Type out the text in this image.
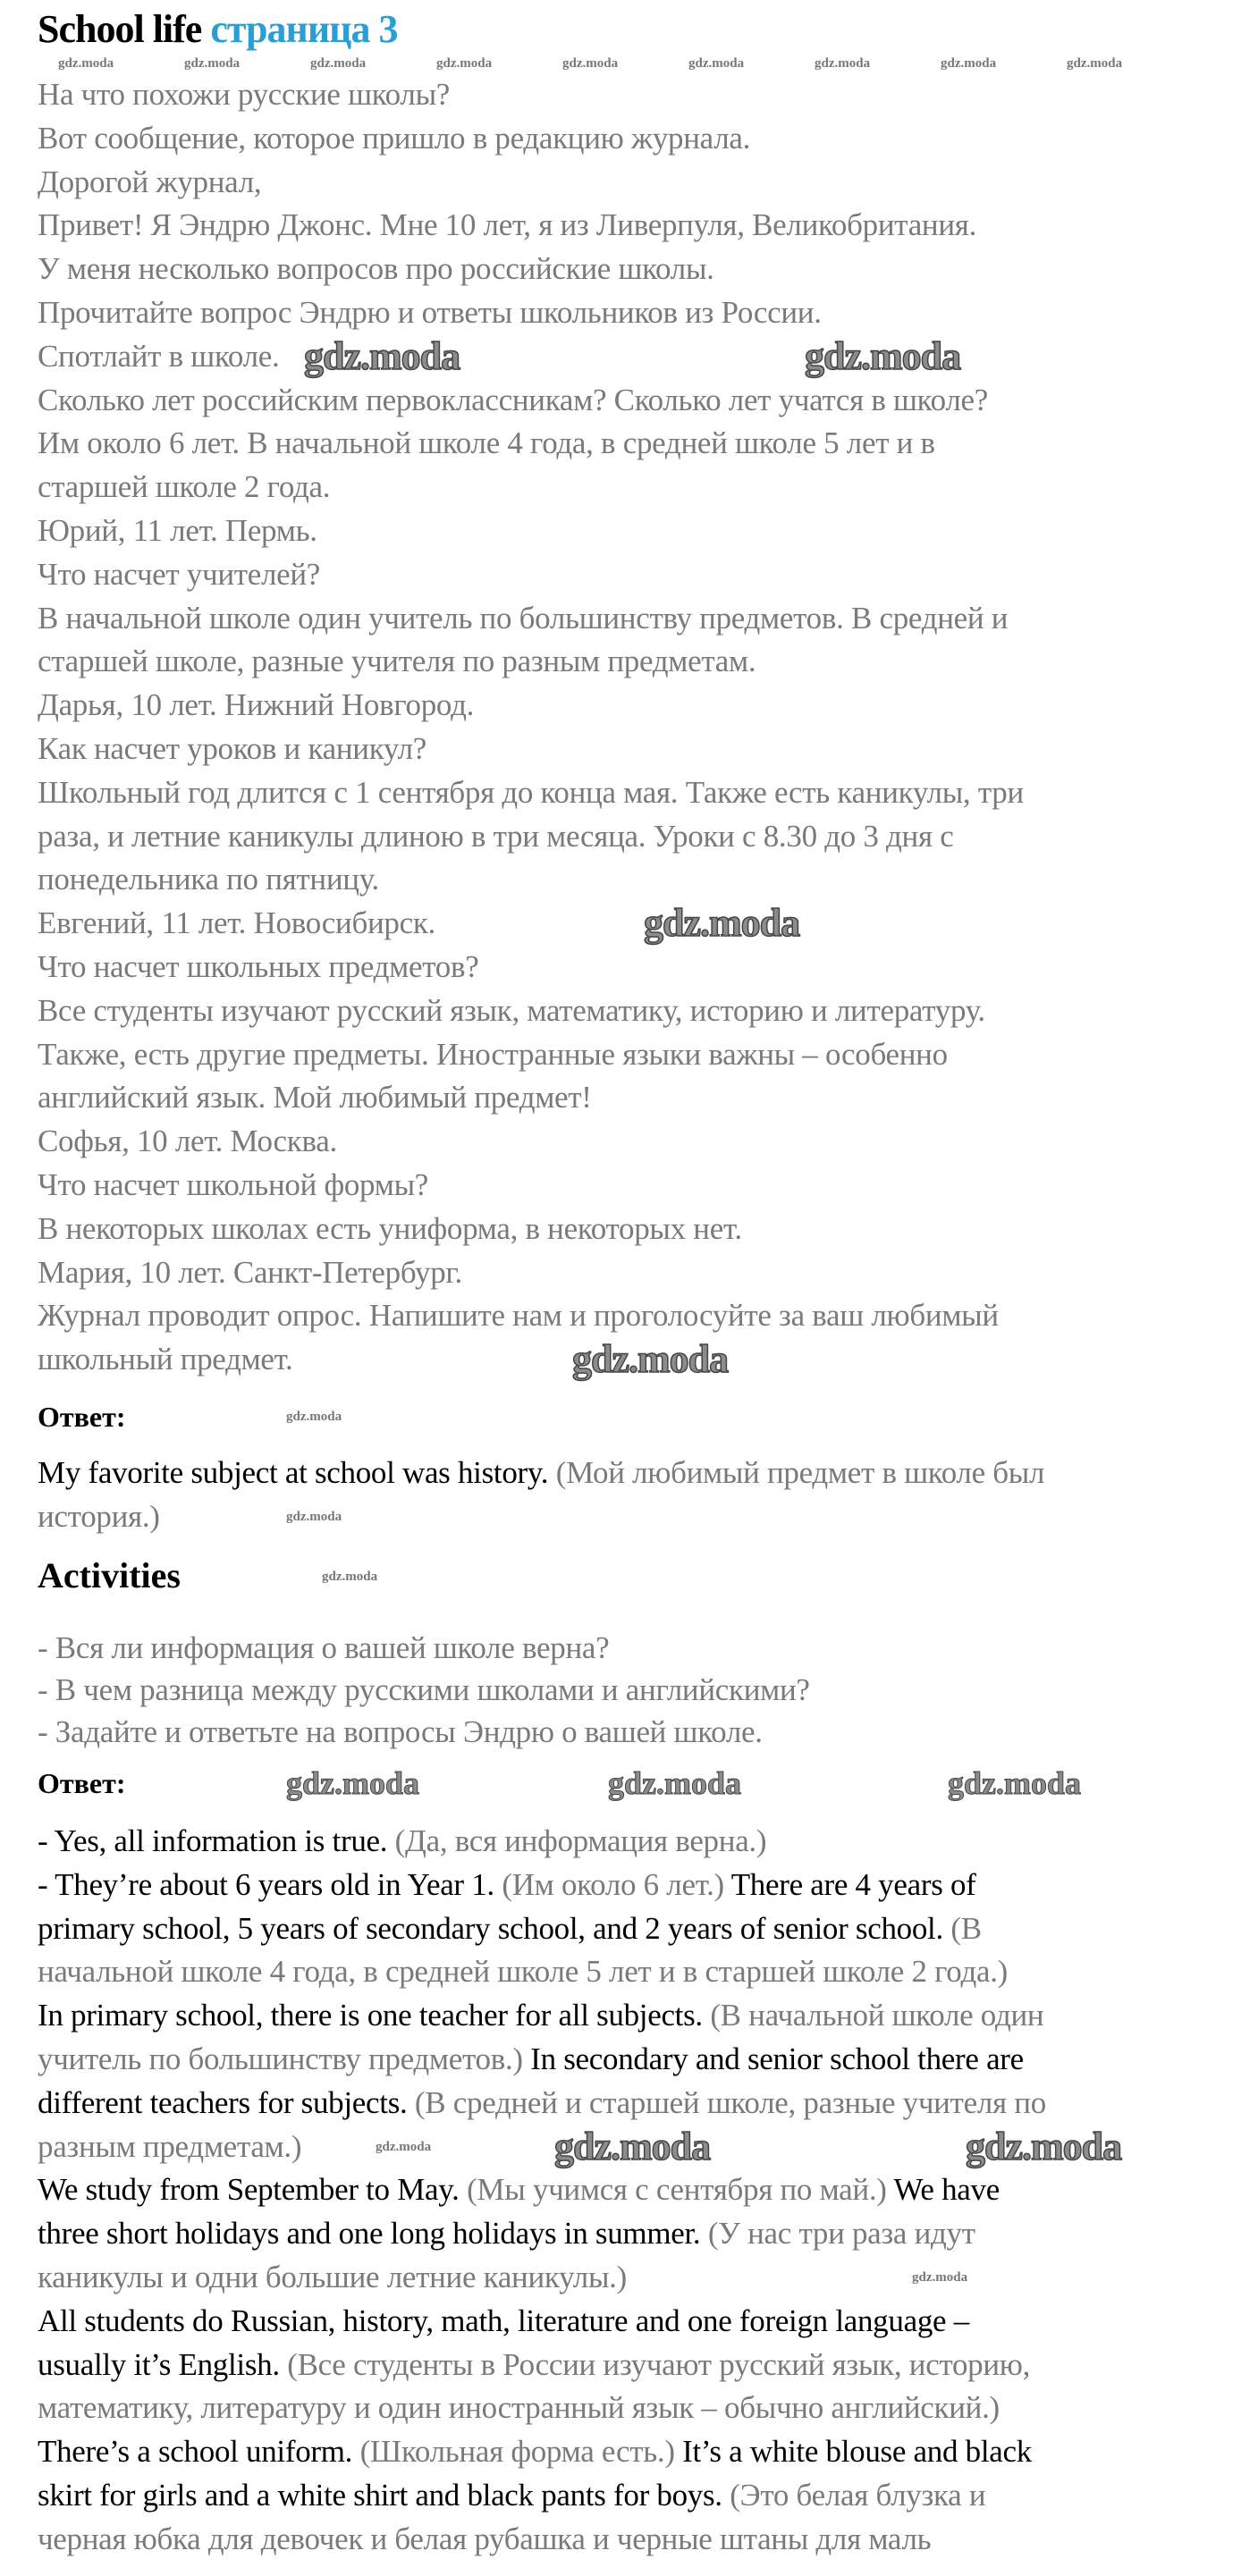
School life страница 3
На что похожи русские школы?
Вот сообщение, которое пришло в редакцию журнала.
Дорогой журнал,
Привет! Я Эндрю Джонс. Мне 10 лет, я из Ливерпуля, Великобритания.
У меня несколько вопросов про российские школы.
Прочитайте вопрос Эндрю и ответы школьников из России.
Спотлайт в школе.
Сколько лет российским первоклассникам? Сколько лет учатся в школе?
Им около 6 лет. В начальной школе 4 года, в средней школе 5 лет и в
старшей школе 2 года.
Юрий, 11 лет. Пермь.
Что насчет учителей?
В начальной школе один учитель по большинству предметов. В средней и
старшей школе, разные учителя по разным предметам.
Дарья, 10 лет. Нижний Новгород.
Как насчет уроков и каникул?
Школьный год длится с 1 сентября до конца мая. Также есть каникулы, три
раза, и летние каникулы длиною в три месяца. Уроки с 8.30 до 3 дня с
понедельника по пятницу.
Евгений, 11 лет. Новосибирск.
Что насчет школьных предметов?
Все студенты изучают русский язык, математику, историю и литературу.
Также, есть другие предметы. Иностранные языки важны – особенно
английский язык. Мой любимый предмет!
Софья, 10 лет. Москва.
Что насчет школьной формы?
В некоторых школах есть униформа, в некоторых нет.
Мария, 10 лет. Санкт-Петербург.
Журнал проводит опрос. Напишите нам и проголосуйте за ваш любимый
школьный предмет.
Ответ:
My favorite subject at school was history. (Мой любимый предмет в школе был
история.)
Activities
- Вся ли информация о вашей школе верна?
- В чем разница между русскими школами и английскими?
- Задайте и ответьте на вопросы Эндрю о вашей школе.
Ответ:
- Yes, all information is true. (Да, вся информация верна.)
- They’re about 6 years old in Year 1. (Им около 6 лет.) There are 4 years of
primary school, 5 years of secondary school, and 2 years of senior school. (В
начальной школе 4 года, в средней школе 5 лет и в старшей школе 2 года.)
In primary school, there is one teacher for all subjects. (В начальной школе один
учитель по большинству предметов.) In secondary and senior school there are
different teachers for subjects. (В средней и старшей школе, разные учителя по
разным предметам.)
We study from September to May. (Мы учимся с сентября по май.) We have
three short holidays and one long holidays in summer. (У нас три раза идут
каникулы и одни большие летние каникулы.)
All students do Russian, history, math, literature and one foreign language –
usually it’s English. (Все студенты в России изучают русский язык, историю,
математику, литературу и один иностранный язык – обычно английский.)
There’s a school uniform. (Школьная форма есть.) It’s a white blouse and black
skirt for girls and a white shirt and black pants for boys. (Это белая блузка и
черная юбка для девочек и белая рубашка и черные штаны для маль
gdz.moda	gdz.moda	gdz.moda	gdz.moda	gdz.moda	gdz.moda	gdz.moda	gdz.moda	gdz.moda
gdz.moda	gdz.moda
gdz.moda
gdz.moda
gdz.moda	gdz.moda
gdz.moda	gdz.moda	gdz.moda
gdz.moda
gdz.moda
gdz.moda
gdz.moda
gdz.moda
